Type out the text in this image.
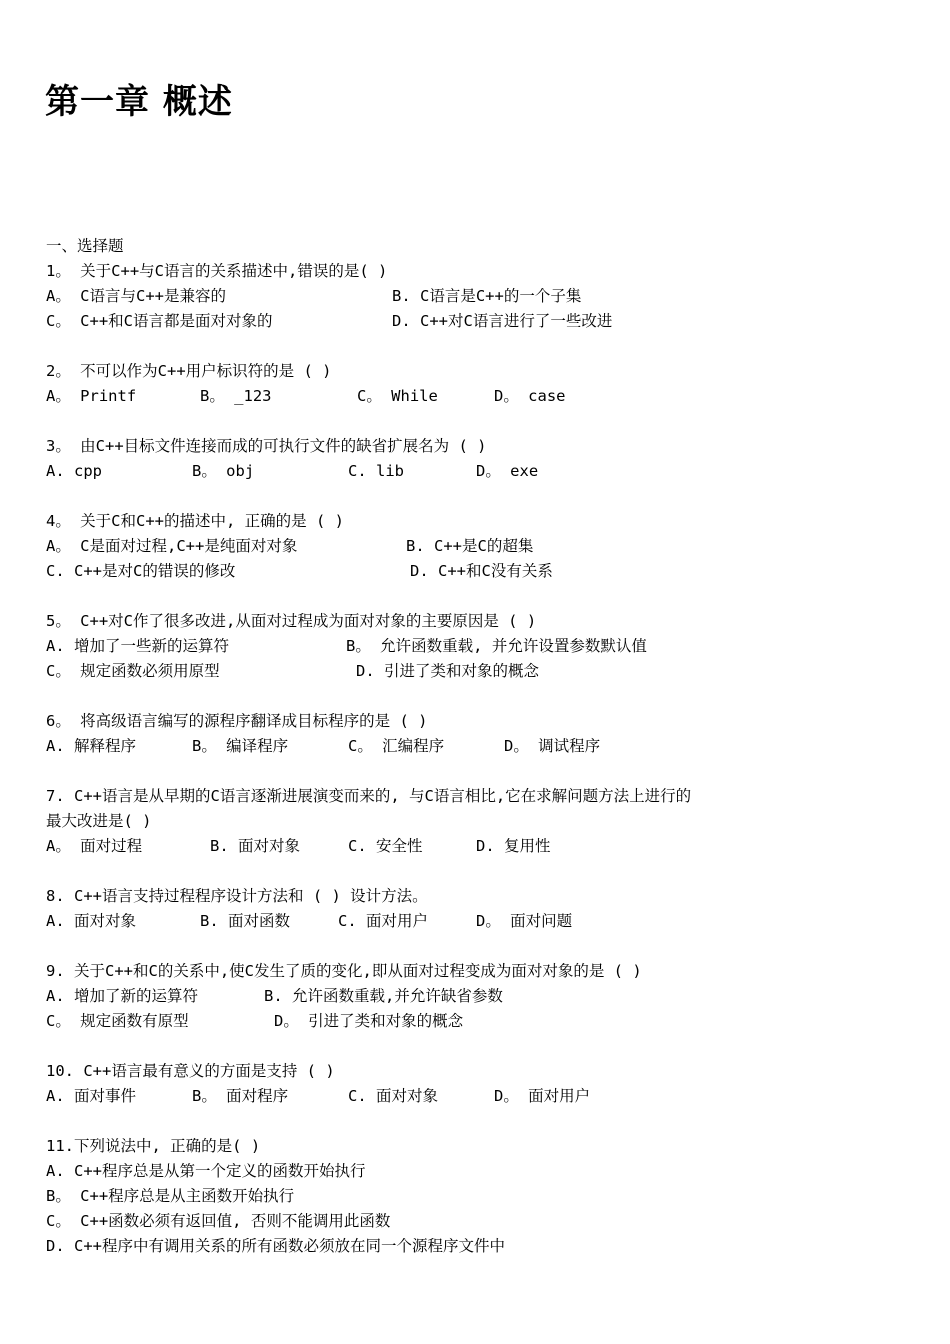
第一章 概述
一、选择题
1。 关于C++与C语言的关系描述中,错误的是( )

A。 C语言与C++是兼容的

	B. C语言是C++的一个子集

C。 C++和C语言都是面对对象的

	D. C++对C语言进行了一些改进

2。 不可以作为C++用户标识符的是 ( )

A。 Printf

	B。 _123

	C。 While

	D。 case

3。 由C++目标文件连接而成的可执行文件的缺省扩展名为 ( )

A. cpp

	B。 obj

	C. lib

	D。 exe

4。 关于C和C++的描述中, 正确的是 ( )

A。 C是面对过程,C++是纯面对对象

	B. C++是C的超集

C. C++是对C的错误的修改

	D. C++和C没有关系

5。 C++对C作了很多改进,从面对过程成为面对对象的主要原因是 ( )

A. 增加了一些新的运算符

	B。 允许函数重载, 并允许设置参数默认值

C。 规定函数必须用原型

	D. 引进了类和对象的概念

6。 将高级语言编写的源程序翻译成目标程序的是 ( )

A. 解释程序

	B。 编译程序

	C。 汇编程序

	D。 调试程序

7. C++语言是从早期的C语言逐渐进展演变而来的, 与C语言相比,它在求解问题方法上进行的
最大改进是( )

A。 面对过程

	B. 面对对象

	C. 安全性

	D. 复用性

8. C++语言支持过程程序设计方法和 ( ) 设计方法。

A. 面对对象

	B. 面对函数

	C. 面对用户

	D。 面对问题

9. 关于C++和C的关系中,使C发生了质的变化,即从面对过程变成为面对对象的是 ( )

A. 增加了新的运算符

	B. 允许函数重载,并允许缺省参数

C。 规定函数有原型

	D。 引进了类和对象的概念

10. C++语言最有意义的方面是支持 ( )

A. 面对事件

	B。 面对程序

	C. 面对对象

	D。 面对用户

11.下列说法中, 正确的是( )
A. C++程序总是从第一个定义的函数开始执行
B。 C++程序总是从主函数开始执行
C。 C++函数必须有返回值, 否则不能调用此函数
D. C++程序中有调用关系的所有函数必须放在同一个源程序文件中
